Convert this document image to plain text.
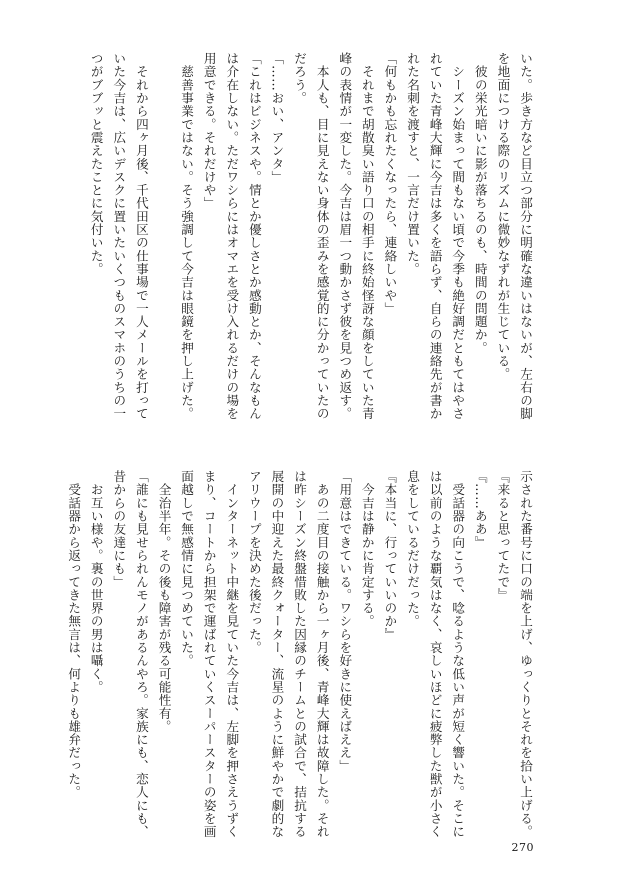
いた。歩き方など目立つ部分に明確な違いはないが、左右の脚
を地面につける際のリズムに微妙なずれが生じている。
　彼の栄光暗いに影が落ちるのも、時間の問題か。
　シーズン始まって間もない頃で今季も絶好調だともてはやさ
れていた青峰大輝に今吉は多くを語らず、自らの連絡先が書か
れた名刺を渡すと、一言だけ置いた。
「何もかも忘れたくなったら、連絡しいや」
　それまで胡散臭い語り口の相手に終始怪訝な顔をしていた青
峰の表情が一変した。今吉は眉一つ動かさず彼を見つめ返す。
　本人も、目に見えない身体の歪みを感覚的に分かっていたの
だろう。
「……おい、アンタ」
「これはビジネスや。情とか優しさとか感動とか、そんなもん
は介在しない。ただワシらにはオマエを受け入れるだけの場を
用意できる。それだけや」
　慈善事業ではない。そう強調して今吉は眼鏡を押し上げた。
　それから四ヶ月後、千代田区の仕事場で一人メールを打って
いた今吉は、広いデスクに置いたいくつものスマホのうちの一
つがブブッと震えたことに気付いた。
示された番号に口の端を上げ、ゆっくりとそれを拾い上げる。
『来ると思ってたで』
『……ああ』
　受話器の向こうで、唸るような低い声が短く響いた。そこに
は以前のような覇気はなく、哀しいほどに疲弊した獣が小さく
息をしているだけだった。
『本当に、行っていいのか』
　今吉は静かに肯定する。
「用意はできている。ワシらを好きに使えばええ」
　あの二度目の接触から一ヶ月後、青峰大輝は故障した。それ
は昨シーズン終盤惜敗した因縁のチームとの試合で、拮抗する
展開の中迎えた最終クォーター、流星のように鮮やかで劇的な
アリウープを決めた後だった。
　インターネット中継を見ていた今吉は、左脚を押さえうずく
まり、コートから担架で運ばれていくスーパースターの姿を画
面越しで無感情に見つめていた。
　全治半年。その後も障害が残る可能性有。
「誰にも見せられんモノがあるんやろ。家族にも、恋人にも、
昔からの友達にも」
　お互い様や。裏の世界の男は囁く。
　受話器から返ってきた無言は、何よりも雄弁だった。
270
